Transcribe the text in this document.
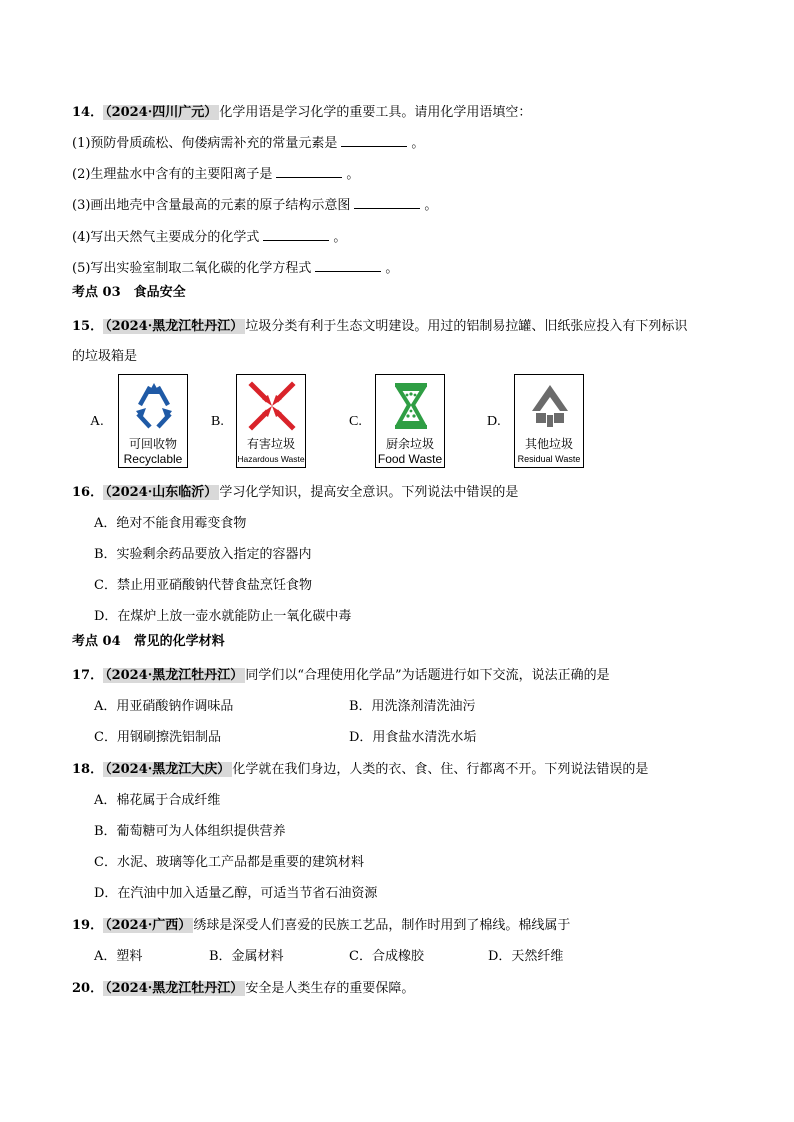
14． （2024·四川广元） 化学用语是学习化学的重要工具。请用化学用语填空：
(1)预防骨质疏松、佝偻病需补充的常量元素是	。
(2)生理盐水中含有的主要阳离子是	。
(3)画出地壳中含量最高的元素的原子结构示意图	。
(4)写出天然气主要成分的化学式	。
(5)写出实验室制取二氧化碳的化学方程式	。
考点 03　食品安全
15． （2024·黑龙江牡丹江） 垃圾分类有利于生态文明建设。用过的铝制易拉罐、旧纸张应投入有下列标识
的垃圾箱是
A.
可回收物
Recyclable
B.
有害垃圾
Hazardous Waste
C.
厨余垃圾
Food Waste
D.
其他垃圾
Residual Waste
16． （2024·山东临沂） 学习化学知识，提高安全意识。下列说法中错误的是
A．绝对不能食用霉变食物
B．实验剩余药品要放入指定的容器内
C．禁止用亚硝酸钠代替食盐烹饪食物
D．在煤炉上放一壶水就能防止一氧化碳中毒
考点 04　常见的化学材料
17． （2024·黑龙江牡丹江） 同学们以“合理使用化学品”为话题进行如下交流，说法正确的是
A．用亚硝酸钠作调味品	B．用洗涤剂清洗油污
C．用钢刷擦洗铝制品	D．用食盐水清洗水垢
18． （2024·黑龙江大庆） 化学就在我们身边，人类的衣、食、住、行都离不开。下列说法错误的是
A．棉花属于合成纤维
B．葡萄糖可为人体组织提供营养
C．水泥、玻璃等化工产品都是重要的建筑材料
D．在汽油中加入适量乙醇，可适当节省石油资源
19． （2024·广西） 绣球是深受人们喜爱的民族工艺品，制作时用到了棉线。棉线属于
A．塑料	B．金属材料	C．合成橡胶	D．天然纤维
20． （2024·黑龙江牡丹江） 安全是人类生存的重要保障。
